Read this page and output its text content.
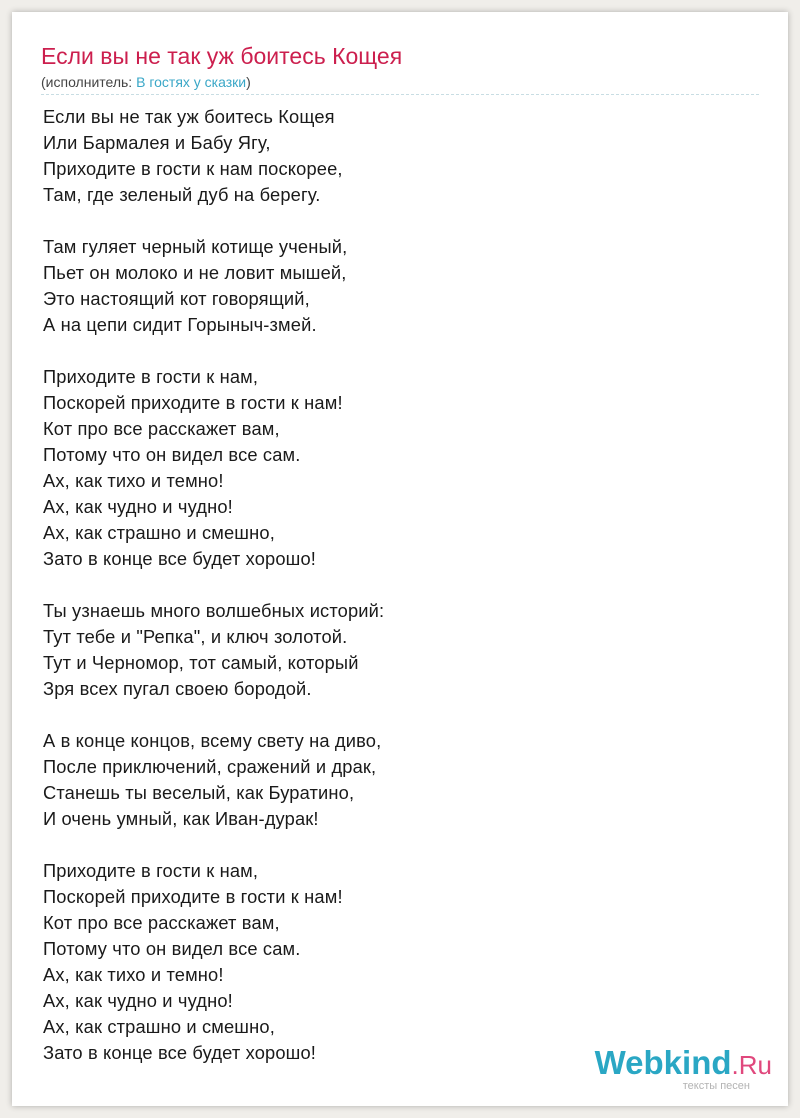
Если вы не так уж боитесь Кощея
(исполнитель: В гостях у сказки)
Если вы не так уж боитесь Кощея
Или Бармалея и Бабу Ягу,
Приходите в гости к нам поскорее,
Там, где зеленый дуб на берегу.
Там гуляет черный котище ученый,
Пьет он молоко и не ловит мышей,
Это настоящий кот говорящий,
А на цепи сидит Горыныч-змей.
Приходите в гости к нам,
Поскорей приходите в гости к нам!
Кот про все расскажет вам,
Потому что он видел все сам.
Ах, как тихо и темно!
Ах, как чудно и чудно!
Ах, как страшно и смешно,
Зато в конце все будет хорошо!
Ты узнаешь много волшебных историй:
Тут тебе и "Репка", и ключ золотой.
Тут и Черномор, тот самый, который
Зря всех пугал своею бородой.
А в конце концов, всему свету на диво,
После приключений, сражений и драк,
Станешь ты веселый, как Буратино,
И очень умный, как Иван-дурак!
Приходите в гости к нам,
Поскорей приходите в гости к нам!
Кот про все расскажет вам,
Потому что он видел все сам.
Ах, как тихо и темно!
Ах, как чудно и чудно!
Ах, как страшно и смешно,
Зато в конце все будет хорошо!	Webkind.Ru
тексты песен
